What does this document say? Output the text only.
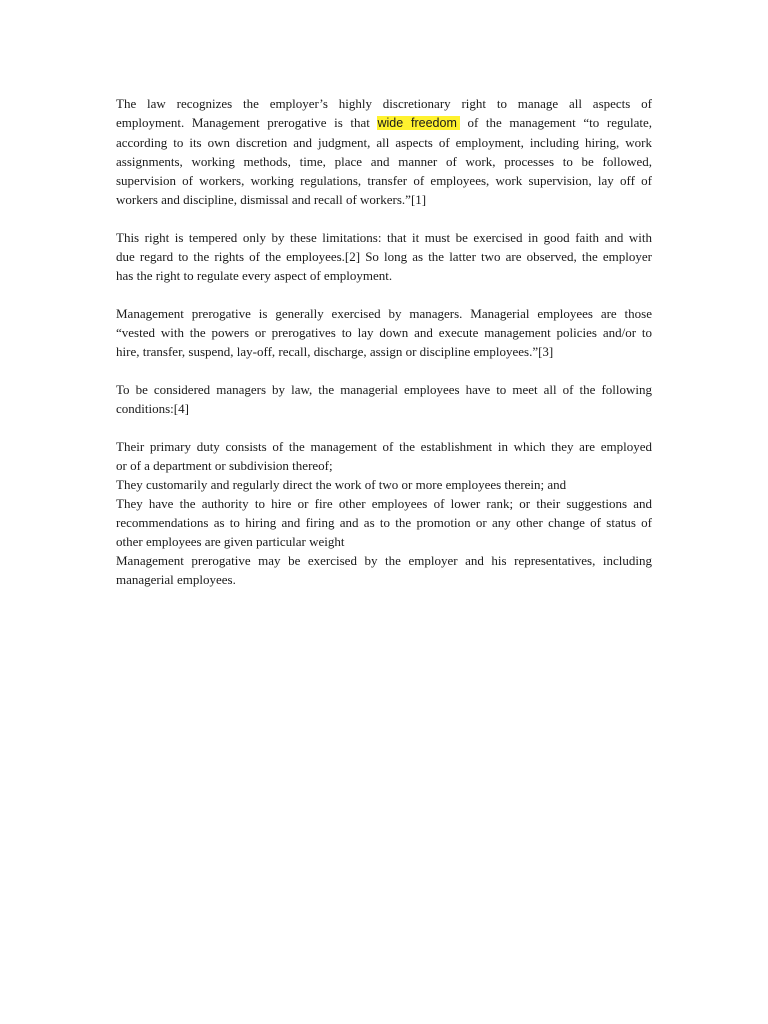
The law recognizes the employer’s highly discretionary right to manage all aspects of
employment. Management prerogative is that wide freedom of the management “to regulate,
according to its own discretion and judgment, all aspects of employment, including hiring, work
assignments, working methods, time, place and manner of work, processes to be followed,
supervision of workers, working regulations, transfer of employees, work supervision, lay off of
workers and discipline, dismissal and recall of workers.”[1]
This right is tempered only by these limitations: that it must be exercised in good faith and with
due regard to the rights of the employees.[2] So long as the latter two are observed, the employer
has the right to regulate every aspect of employment.
Management prerogative is generally exercised by managers. Managerial employees are those
“vested with the powers or prerogatives to lay down and execute management policies and/or to
hire, transfer, suspend, lay-off, recall, discharge, assign or discipline employees.”[3]
To be considered managers by law, the managerial employees have to meet all of the following
conditions:[4]
Their primary duty consists of the management of the establishment in which they are employed
or of a department or subdivision thereof;
They customarily and regularly direct the work of two or more employees therein; and
They have the authority to hire or fire other employees of lower rank; or their suggestions and
recommendations as to hiring and firing and as to the promotion or any other change of status of
other employees are given particular weight
Management prerogative may be exercised by the employer and his representatives, including
managerial employees.
